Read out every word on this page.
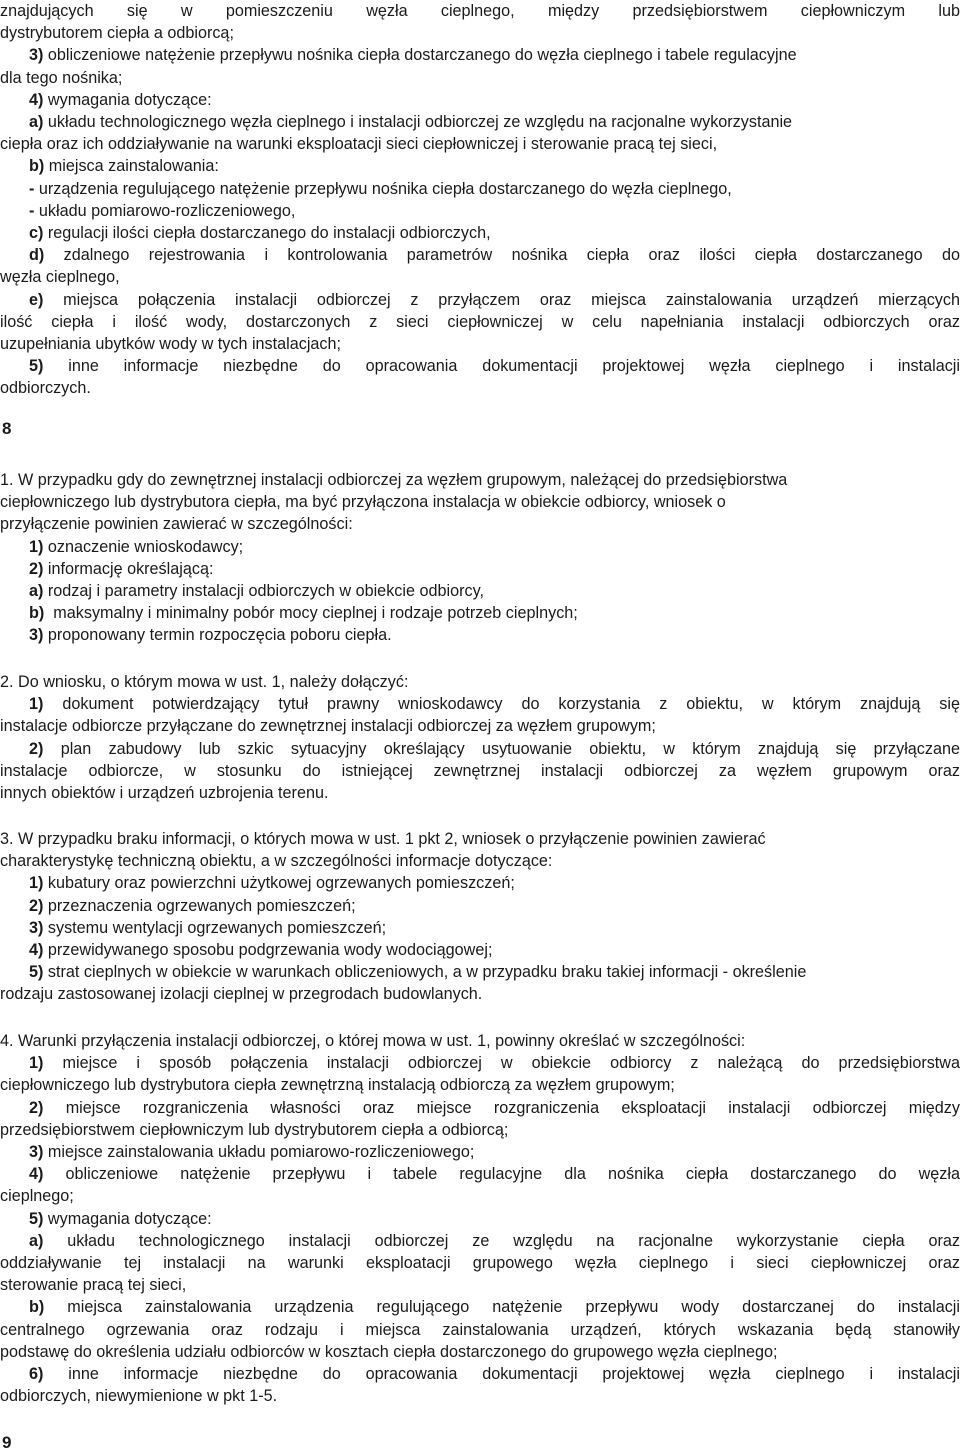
znajdujących się w pomieszczeniu węzła cieplnego, między przedsiębiorstwem ciepłowniczym lub
dystrybutorem ciepła a odbiorcą;
3) obliczeniowe natężenie przepływu nośnika ciepła dostarczanego do węzła cieplnego i tabele regulacyjne
dla tego nośnika;
4) wymagania dotyczące:
a) układu technologicznego węzła cieplnego i instalacji odbiorczej ze względu na racjonalne wykorzystanie
ciepła oraz ich oddziaływanie na warunki eksploatacji sieci ciepłowniczej i sterowanie pracą tej sieci,
b) miejsca zainstalowania:
- urządzenia regulującego natężenie przepływu nośnika ciepła dostarczanego do węzła cieplnego,
- układu pomiarowo-rozliczeniowego,
c) regulacji ilości ciepła dostarczanego do instalacji odbiorczych,
d) zdalnego rejestrowania i kontrolowania parametrów nośnika ciepła oraz ilości ciepła dostarczanego do
węzła cieplnego,
e) miejsca połączenia instalacji odbiorczej z przyłączem oraz miejsca zainstalowania urządzeń mierzących
ilość ciepła i ilość wody, dostarczonych z sieci ciepłowniczej w celu napełniania instalacji odbiorczych oraz
uzupełniania ubytków wody w tych instalacjach;
5) inne informacje niezbędne do opracowania dokumentacji projektowej węzła cieplnego i instalacji
odbiorczych.
8
1. W przypadku gdy do zewnętrznej instalacji odbiorczej za węzłem grupowym, należącej do przedsiębiorstwa
ciepłowniczego lub dystrybutora ciepła, ma być przyłączona instalacja w obiekcie odbiorcy, wniosek o
przyłączenie powinien zawierać w szczególności:
1) oznaczenie wnioskodawcy;
2) informację określającą:
a) rodzaj i parametry instalacji odbiorczych w obiekcie odbiorcy,
b)  maksymalny i minimalny pobór mocy cieplnej i rodzaje potrzeb cieplnych;
3) proponowany termin rozpoczęcia poboru ciepła.
2. Do wniosku, o którym mowa w ust. 1, należy dołączyć:
1) dokument potwierdzający tytuł prawny wnioskodawcy do korzystania z obiektu, w którym znajdują się
instalacje odbiorcze przyłączane do zewnętrznej instalacji odbiorczej za węzłem grupowym;
2) plan zabudowy lub szkic sytuacyjny określający usytuowanie obiektu, w którym znajdują się przyłączane
instalacje odbiorcze, w stosunku do istniejącej zewnętrznej instalacji odbiorczej za węzłem grupowym oraz
innych obiektów i urządzeń uzbrojenia terenu.
3. W przypadku braku informacji, o których mowa w ust. 1 pkt 2, wniosek o przyłączenie powinien zawierać
charakterystykę techniczną obiektu, a w szczególności informacje dotyczące:
1) kubatury oraz powierzchni użytkowej ogrzewanych pomieszczeń;
2) przeznaczenia ogrzewanych pomieszczeń;
3) systemu wentylacji ogrzewanych pomieszczeń;
4) przewidywanego sposobu podgrzewania wody wodociągowej;
5) strat cieplnych w obiekcie w warunkach obliczeniowych, a w przypadku braku takiej informacji - określenie
rodzaju zastosowanej izolacji cieplnej w przegrodach budowlanych.
4. Warunki przyłączenia instalacji odbiorczej, o której mowa w ust. 1, powinny określać w szczególności:
1) miejsce i sposób połączenia instalacji odbiorczej w obiekcie odbiorcy z należącą do przedsiębiorstwa
ciepłowniczego lub dystrybutora ciepła zewnętrzną instalacją odbiorczą za węzłem grupowym;
2) miejsce rozgraniczenia własności oraz miejsce rozgraniczenia eksploatacji instalacji odbiorczej między
przedsiębiorstwem ciepłowniczym lub dystrybutorem ciepła a odbiorcą;
3) miejsce zainstalowania układu pomiarowo-rozliczeniowego;
4) obliczeniowe natężenie przepływu i tabele regulacyjne dla nośnika ciepła dostarczanego do węzła
cieplnego;
5) wymagania dotyczące:
a) układu technologicznego instalacji odbiorczej ze względu na racjonalne wykorzystanie ciepła oraz
oddziaływanie tej instalacji na warunki eksploatacji grupowego węzła cieplnego i sieci ciepłowniczej oraz
sterowanie pracą tej sieci,
b) miejsca zainstalowania urządzenia regulującego natężenie przepływu wody dostarczanej do instalacji
centralnego ogrzewania oraz rodzaju i miejsca zainstalowania urządzeń, których wskazania będą stanowiły
podstawę do określenia udziału odbiorców w kosztach ciepła dostarczonego do grupowego węzła cieplnego;
6) inne informacje niezbędne do opracowania dokumentacji projektowej węzła cieplnego i instalacji
odbiorczych, niewymienione w pkt 1-5.
9
